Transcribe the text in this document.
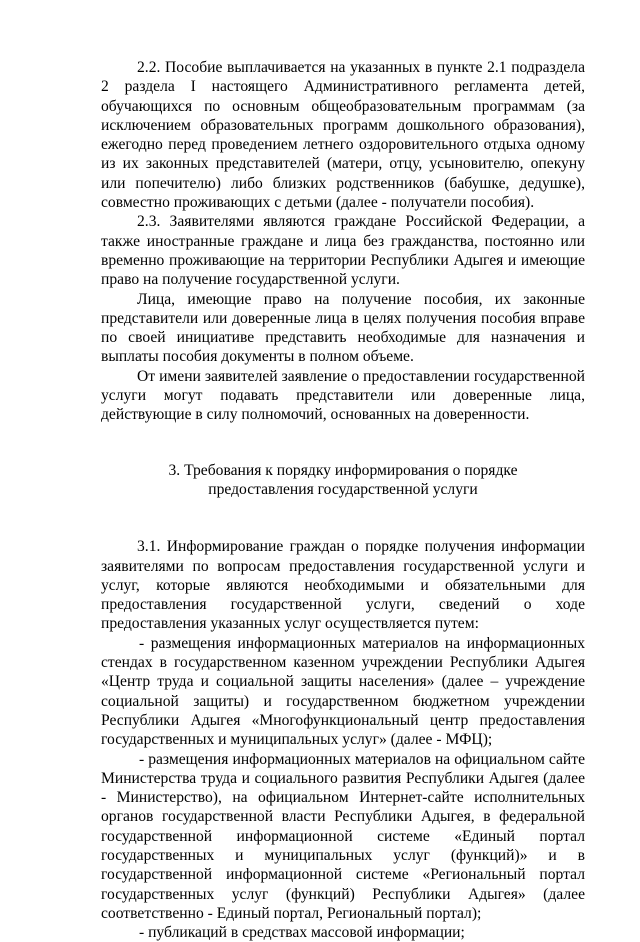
2.2. Пособие выплачивается на указанных в пункте 2.1 подраздела 2 раздела I настоящего Административного регламента детей, обучающихся по основным общеобразовательным программам (за исключением образовательных программ дошкольного образования), ежегодно перед проведением летнего оздоровительного отдыха одному из их законных представителей (матери, отцу, усыновителю, опекуну или попечителю) либо близких родственников (бабушке, дедушке), совместно проживающих с детьми (далее - получатели пособия).

2.3. Заявителями являются граждане Российской Федерации, а также иностранные граждане и лица без гражданства, постоянно или временно проживающие на территории Республики Адыгея и имеющие право на получение государственной услуги.

Лица, имеющие право на получение пособия, их законные представители или доверенные лица в целях получения пособия вправе по своей инициативе представить необходимые для назначения и выплаты пособия документы в полном объеме.

От имени заявителей заявление о предоставлении государственной услуги могут подавать представители или доверенные лица, действующие в силу полномочий, основанных на доверенности.

3. Требования к порядку информирования о порядке
предоставления государственной услуги

3.1. Информирование граждан о порядке получения информации заявителями по вопросам предоставления государственной услуги и услуг, которые являются необходимыми и обязательными для предоставления государственной услуги, сведений о ходе предоставления указанных услуг осуществляется путем:

- размещения информационных материалов на информационных стендах в государственном казенном учреждении Республики Адыгея «Центр труда и социальной защиты населения» (далее – учреждение социальной защиты) и государственном бюджетном учреждении Республики Адыгея «Многофункциональный центр предоставления государственных и муниципальных услуг» (далее - МФЦ);

- размещения информационных материалов на официальном сайте Министерства труда и социального развития Республики Адыгея (далее - Министерство), на официальном Интернет-сайте исполнительных органов государственной власти Республики Адыгея, в федеральной государственной информационной системе «Единый портал государственных и муниципальных услуг (функций)» и в государственной информационной системе «Региональный портал государственных услуг (функций) Республики Адыгея» (далее соответственно - Единый портал, Региональный портал);

- публикаций в средствах массовой информации;
